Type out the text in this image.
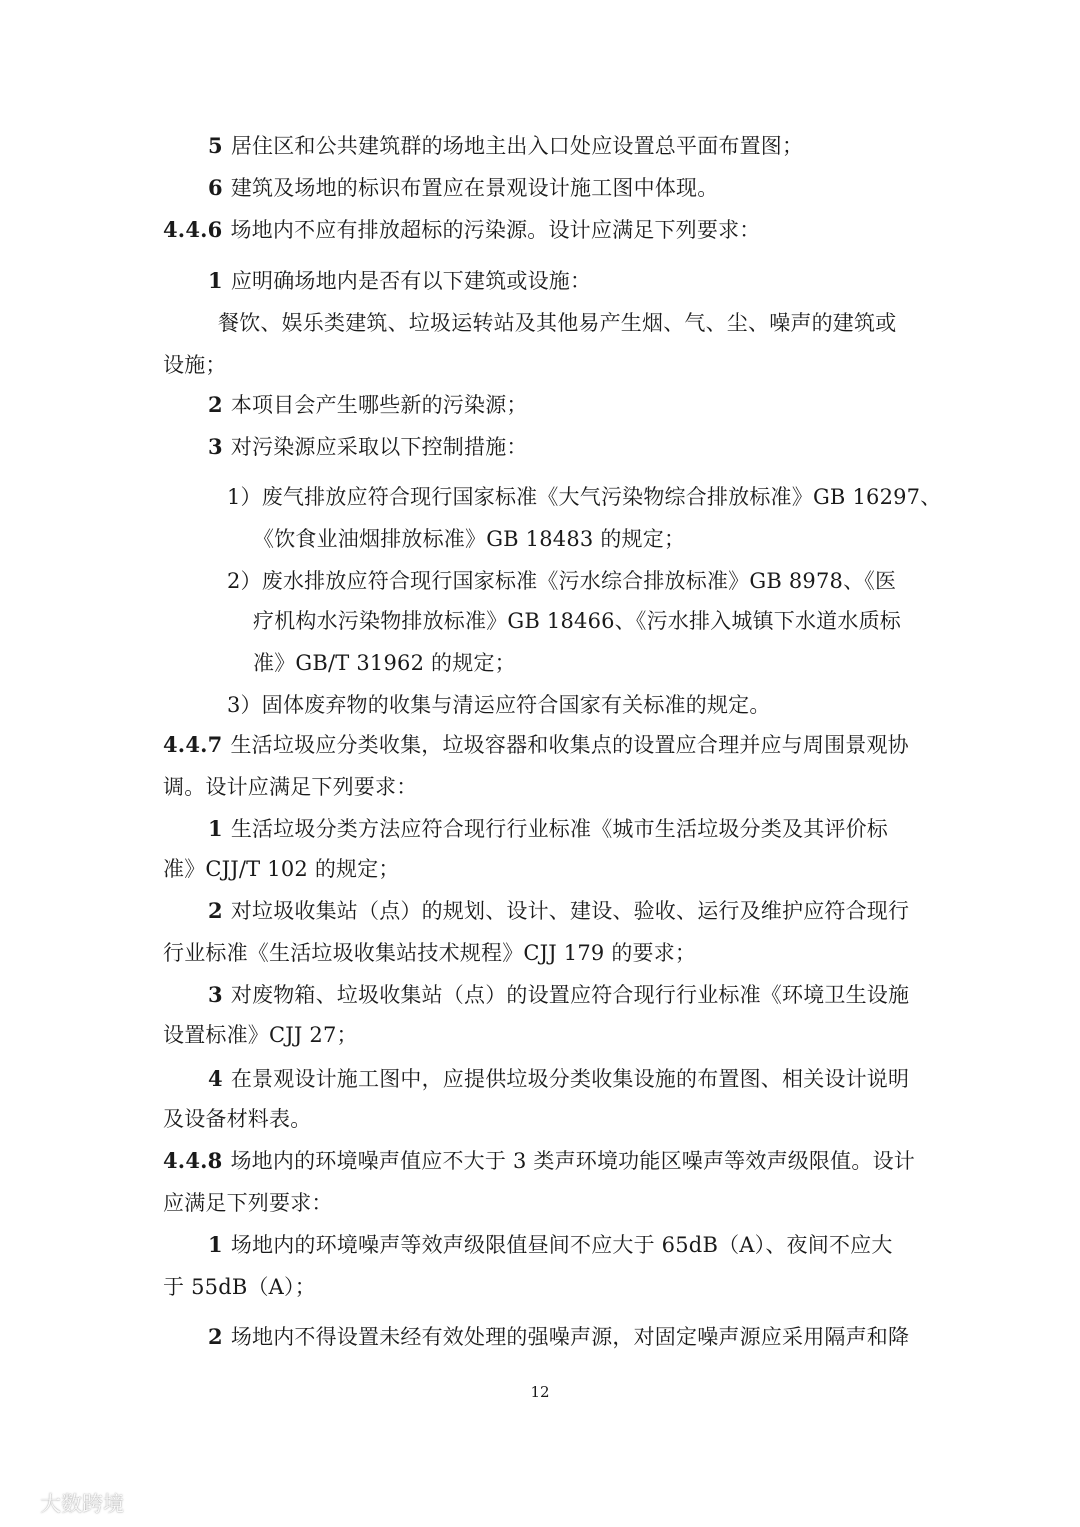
5 居住区和公共建筑群的场地主出入口处应设置总平面布置图；
6 建筑及场地的标识布置应在景观设计施工图中体现。
4.4.6 场地内不应有排放超标的污染源。设计应满足下列要求：
1 应明确场地内是否有以下建筑或设施：
餐饮、娱乐类建筑、垃圾运转站及其他易产生烟、气、尘、噪声的建筑或
设施；
2 本项目会产生哪些新的污染源；
3 对污染源应采取以下控制措施：
1）废气排放应符合现行国家标准《大气污染物综合排放标准》GB 16297、
《饮食业油烟排放标准》GB 18483 的规定；
2）废水排放应符合现行国家标准《污水综合排放标准》GB 8978、《医
疗机构水污染物排放标准》GB 18466、《污水排入城镇下水道水质标
准》GB/T 31962 的规定；
3）固体废弃物的收集与清运应符合国家有关标准的规定。
4.4.7 生活垃圾应分类收集，垃圾容器和收集点的设置应合理并应与周围景观协
调。设计应满足下列要求：
1 生活垃圾分类方法应符合现行行业标准《城市生活垃圾分类及其评价标
准》CJJ/T 102 的规定；
2 对垃圾收集站（点）的规划、设计、建设、验收、运行及维护应符合现行
行业标准《生活垃圾收集站技术规程》CJJ 179 的要求；
3 对废物箱、垃圾收集站（点）的设置应符合现行行业标准《环境卫生设施
设置标准》CJJ 27；
4 在景观设计施工图中，应提供垃圾分类收集设施的布置图、相关设计说明
及设备材料表。
4.4.8 场地内的环境噪声值应不大于 3 类声环境功能区噪声等效声级限值。设计
应满足下列要求：
1 场地内的环境噪声等效声级限值昼间不应大于 65dB（A）、夜间不应大
于 55dB（A）；
2 场地内不得设置未经有效处理的强噪声源，对固定噪声源应采用隔声和降
12
大数跨境
